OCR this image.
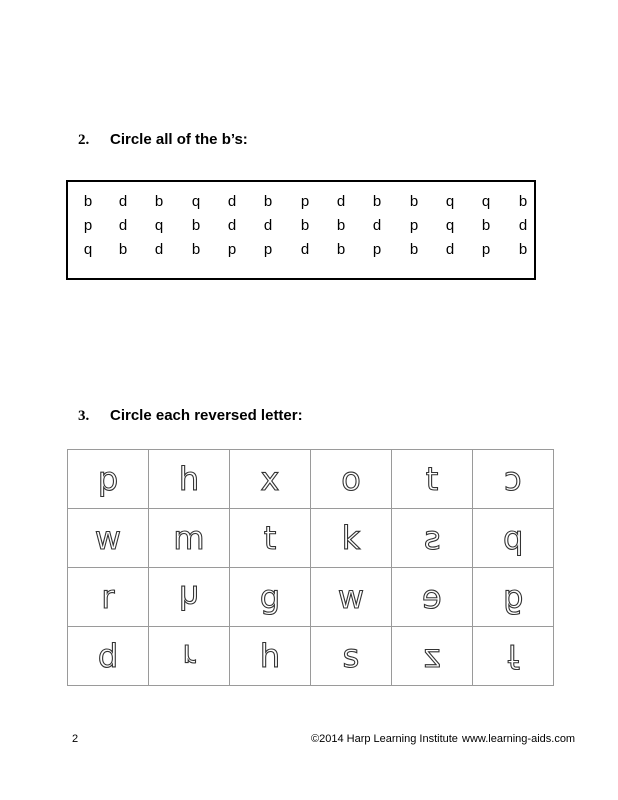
2. Circle all of the b’s:
b	d	b	q	d	b	p	d	b	b	q	q	b
p	d	q	b	d	d	b	b	d	p	q	b	d
q	b	d	b	p	p	d	b	p	b	d	p	b
3. Circle each reversed letter:
p	h	x	o	t	c
w	m	t	k	s	p
r	h	g	w	e	g
d	r	h	s	z	f
2	©2014 Harp Learning Institute www.learning-aids.com
